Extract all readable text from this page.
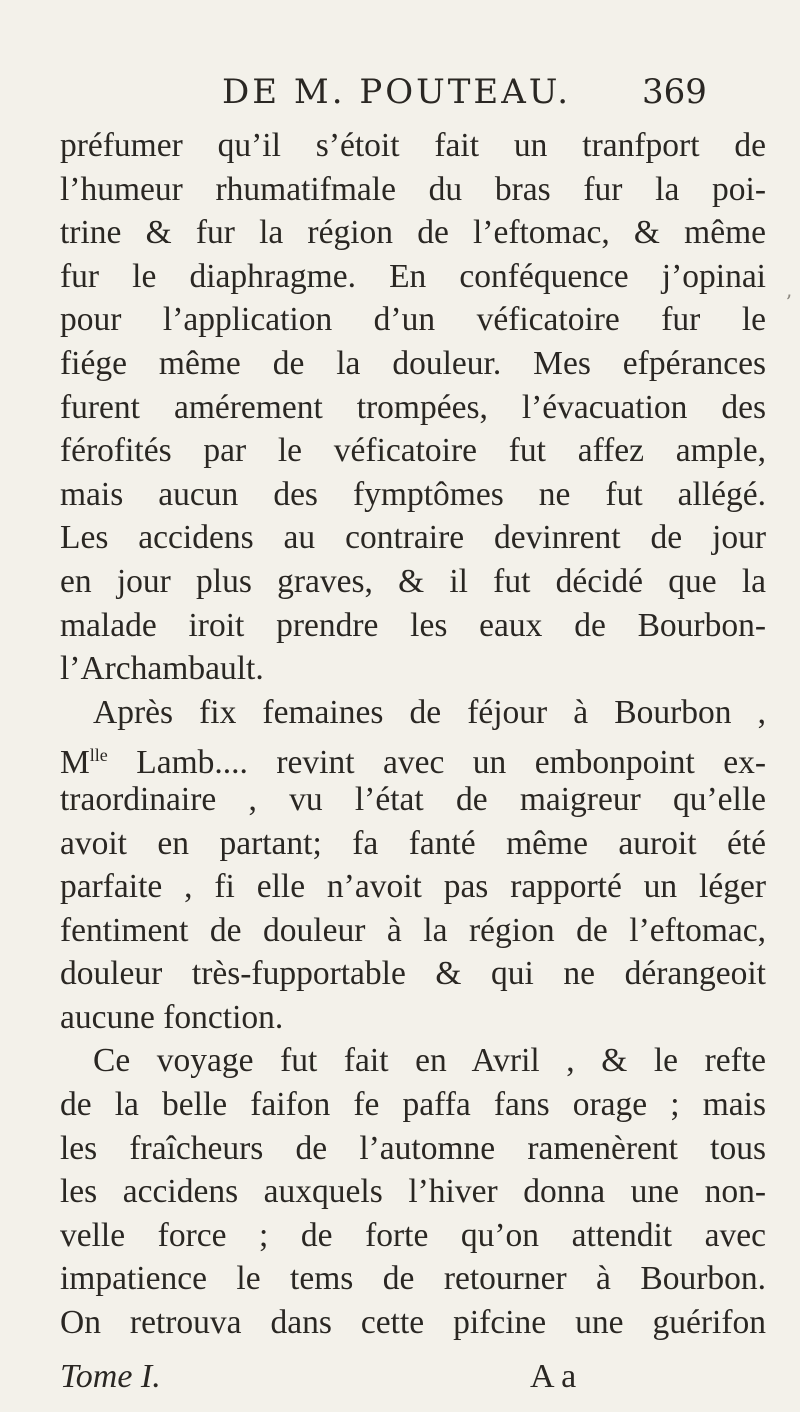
DE M. POUTEAU. 369
préfumer qu’il s’étoit fait un tranfport de
l’humeur rhumatifmale du bras fur la poi-
trine & fur la région de l’eftomac, & même
fur le diaphragme. En conféquence j’opinai
pour l’application d’un véficatoire fur le
fiége même de la douleur. Mes efpérances
furent amérement trompées, l’évacuation des
férofités par le véficatoire fut affez ample,
mais aucun des fymptômes ne fut allégé.
Les accidens au contraire devinrent de jour
en jour plus graves, & il fut décidé que la
malade iroit prendre les eaux de Bourbon-
l’Archambault.
Après fix femaines de féjour à Bourbon ,
$M^{lle}$ Lamb.... revint avec un embonpoint ex-
traordinaire , vu l’état de maigreur qu’elle
avoit en partant; fa fanté même auroit été
parfaite , fi elle n’avoit pas rapporté un léger
fentiment de douleur à la région de l’eftomac,
douleur très-fupportable & qui ne dérangeoit
aucune fonction.
Ce voyage fut fait en Avril , & le refte
de la belle faifon fe paffa fans orage ; mais
les fraîcheurs de l’automne ramenèrent tous
les accidens auxquels l’hiver donna une non-
velle force ; de forte qu’on attendit avec
impatience le tems de retourner à Bourbon.
On retrouva dans cette pifcine une guérifon
Tome I.	A a
ʼ
